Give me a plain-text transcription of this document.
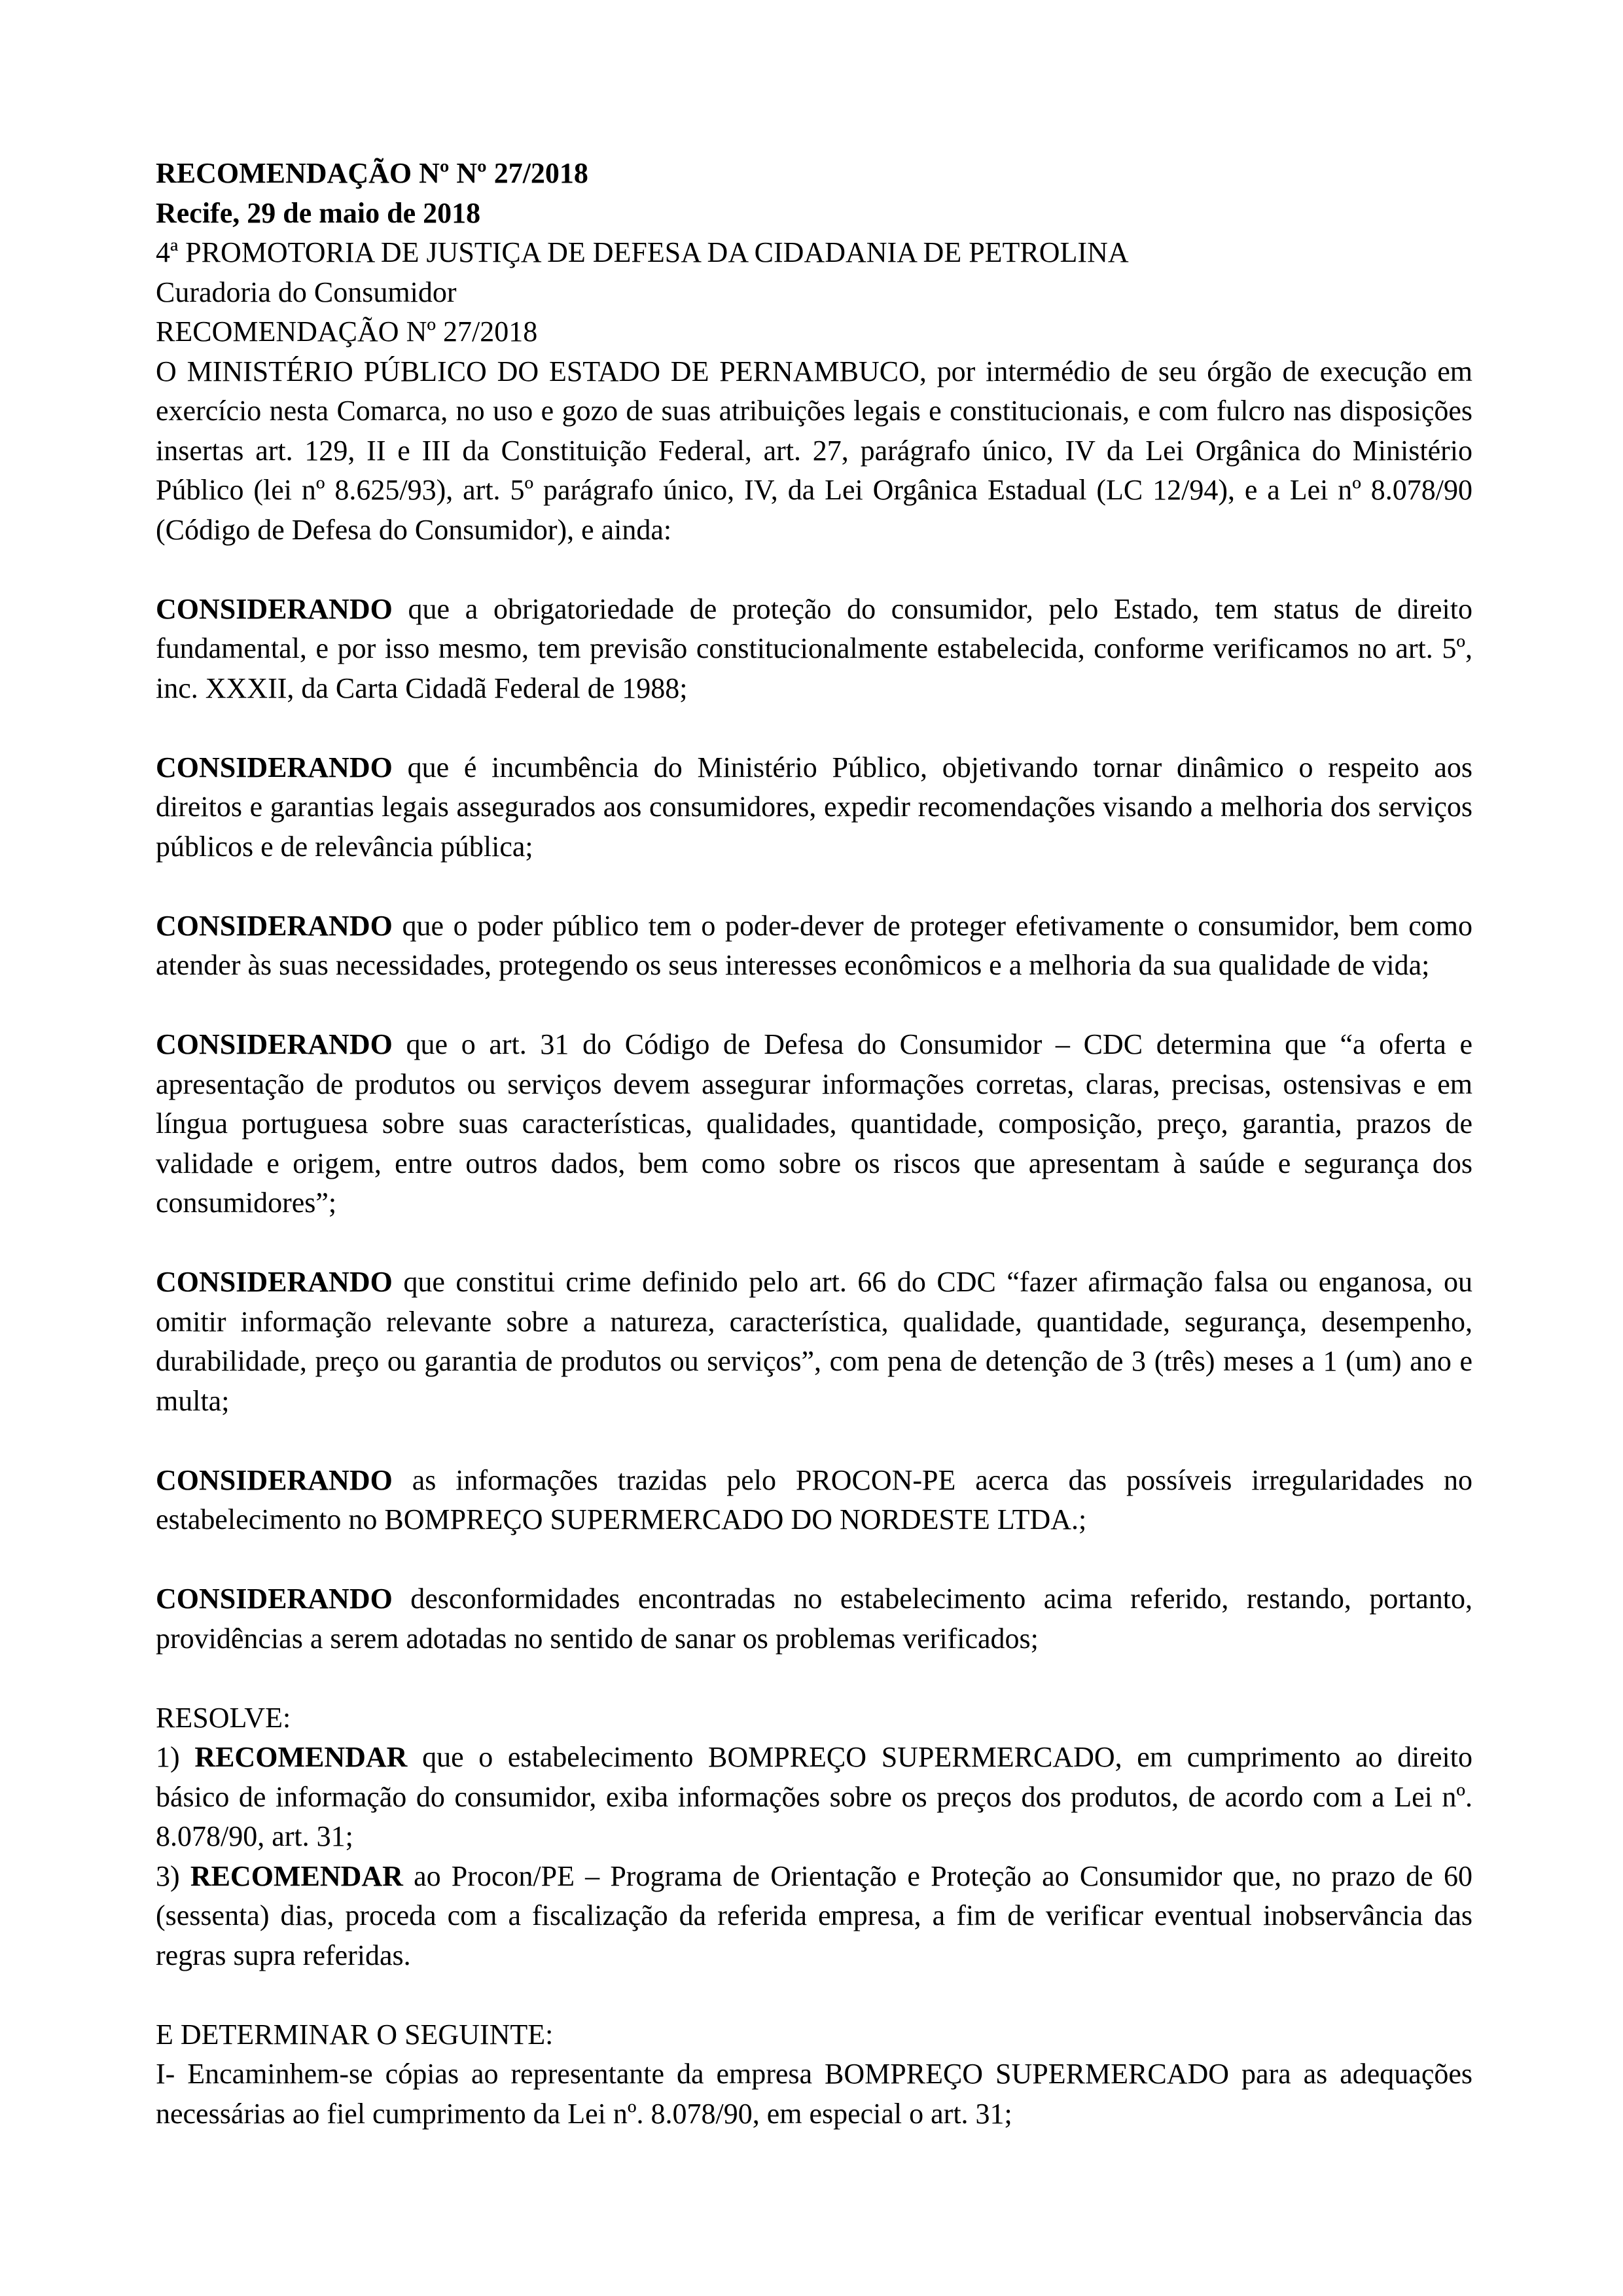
RECOMENDAÇÃO Nº Nº 27/2018
Recife, 29 de maio de 2018
4ª PROMOTORIA DE JUSTIÇA DE DEFESA DA CIDADANIA DE PETROLINA
Curadoria do Consumidor
RECOMENDAÇÃO Nº 27/2018

O MINISTÉRIO PÚBLICO DO ESTADO DE PERNAMBUCO, por intermédio de seu órgão de execução em exercício nesta Comarca, no uso e gozo de suas atribuições legais e constitucionais, e com fulcro nas disposições insertas art. 129, II e III da Constituição Federal, art. 27, parágrafo único, IV da Lei Orgânica do Ministério Público (lei nº 8.625/93), art. 5º parágrafo único, IV, da Lei Orgânica Estadual (LC 12/94), e a Lei nº 8.078/90 (Código de Defesa do Consumidor), e ainda:

CONSIDERANDO que a obrigatoriedade de proteção do consumidor, pelo Estado, tem status de direito fundamental, e por isso mesmo, tem previsão constitucionalmente estabelecida, conforme verificamos no art. 5º, inc. XXXII, da Carta Cidadã Federal de 1988;

CONSIDERANDO que é incumbência do Ministério Público, objetivando tornar dinâmico o respeito aos direitos e garantias legais assegurados aos consumidores, expedir recomendações visando a melhoria dos serviços públicos e de relevância pública;

CONSIDERANDO que o poder público tem o poder-dever de proteger efetivamente o consumidor, bem como atender às suas necessidades, protegendo os seus interesses econômicos e a melhoria da sua qualidade de vida;

CONSIDERANDO que o art. 31 do Código de Defesa do Consumidor – CDC determina que “a oferta e apresentação de produtos ou serviços devem assegurar informações corretas, claras, precisas, ostensivas e em língua portuguesa sobre suas características, qualidades, quantidade, composição, preço, garantia, prazos de validade e origem, entre outros dados, bem como sobre os riscos que apresentam à saúde e segurança dos consumidores”;

CONSIDERANDO que constitui crime definido pelo art. 66 do CDC “fazer afirmação falsa ou enganosa, ou omitir informação relevante sobre a natureza, característica, qualidade, quantidade, segurança, desempenho, durabilidade, preço ou garantia de produtos ou serviços”, com pena de detenção de 3 (três) meses a 1 (um) ano e multa;

CONSIDERANDO as informações trazidas pelo PROCON-PE acerca das possíveis irregularidades no estabelecimento no BOMPREÇO SUPERMERCADO DO NORDESTE LTDA.;

CONSIDERANDO desconformidades encontradas no estabelecimento acima referido, restando, portanto, providências a serem adotadas no sentido de sanar os problemas verificados;

RESOLVE:

1) RECOMENDAR que o estabelecimento BOMPREÇO SUPERMERCADO, em cumprimento ao direito básico de informação do consumidor, exiba informações sobre os preços dos produtos, de acordo com a Lei nº. 8.078/90, art. 31;

3) RECOMENDAR ao Procon/PE – Programa de Orientação e Proteção ao Consumidor que, no prazo de 60 (sessenta) dias, proceda com a fiscalização da referida empresa, a fim de verificar eventual inobservância das regras supra referidas.

E DETERMINAR O SEGUINTE:

I- Encaminhem-se cópias ao representante da empresa BOMPREÇO SUPERMERCADO para as adequações necessárias ao fiel cumprimento da Lei nº. 8.078/90, em especial o art. 31;
